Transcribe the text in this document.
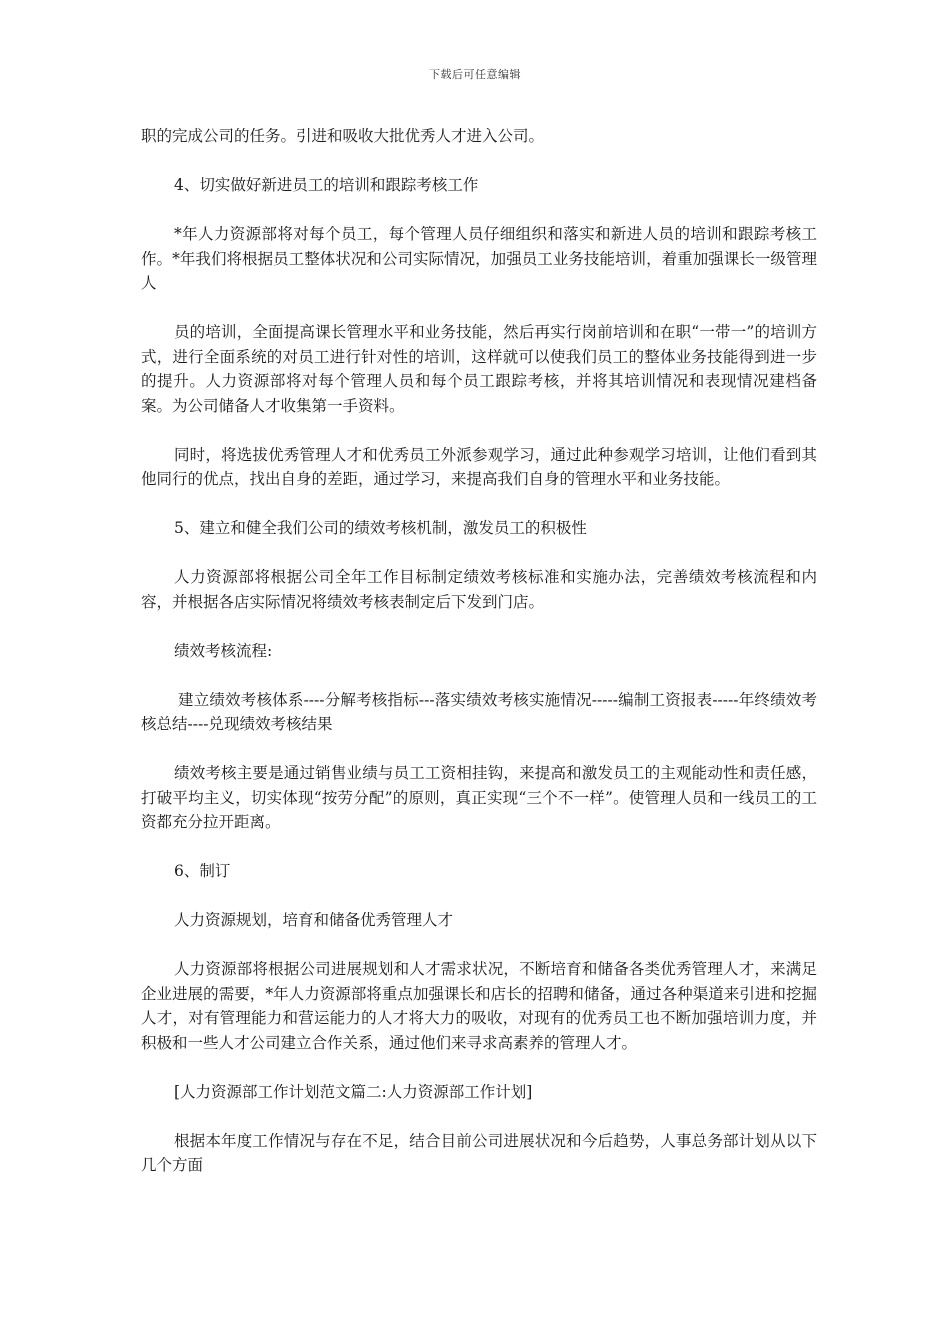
下载后可任意编辑

职的完成公司的任务。引进和吸收大批优秀人才进入公司。

4、切实做好新进员工的培训和跟踪考核工作

*年人力资源部将对每个员工，每个管理人员仔细组织和落实和新进人员的培训和跟踪考核工作。*年我们将根据员工整体状况和公司实际情况，加强员工业务技能培训，着重加强课长一级管理人

员的培训，全面提高课长管理水平和业务技能，然后再实行岗前培训和在职“一带一”的培训方式，进行全面系统的对员工进行针对性的培训，这样就可以使我们员工的整体业务技能得到进一步的提升。人力资源部将对每个管理人员和每个员工跟踪考核，并将其培训情况和表现情况建档备案。为公司储备人才收集第一手资料。

同时，将选拔优秀管理人才和优秀员工外派参观学习，通过此种参观学习培训，让他们看到其他同行的优点，找出自身的差距，通过学习，来提高我们自身的管理水平和业务技能。

5、建立和健全我们公司的绩效考核机制，激发员工的积极性

人力资源部将根据公司全年工作目标制定绩效考核标准和实施办法，完善绩效考核流程和内容，并根据各店实际情况将绩效考核表制定后下发到门店。

绩效考核流程:

建立绩效考核体系----分解考核指标---落实绩效考核实施情况-----编制工资报表-----年终绩效考核总结----兑现绩效考核结果

绩效考核主要是通过销售业绩与员工工资相挂钩，来提高和激发员工的主观能动性和责任感，打破平均主义，切实体现“按劳分配”的原则，真正实现“三个不一样”。使管理人员和一线员工的工资都充分拉开距离。

6、制订

人力资源规划，培育和储备优秀管理人才

人力资源部将根据公司进展规划和人才需求状况，不断培育和储备各类优秀管理人才，来满足企业进展的需要，*年人力资源部将重点加强课长和店长的招聘和储备，通过各种渠道来引进和挖掘人才，对有管理能力和营运能力的人才将大力的吸收，对现有的优秀员工也不断加强培训力度，并积极和一些人才公司建立合作关系，通过他们来寻求高素养的管理人才。

[人力资源部工作计划范文篇二:人力资源部工作计划]

根据本年度工作情况与存在不足，结合目前公司进展状况和今后趋势，人事总务部计划从以下几个方面
